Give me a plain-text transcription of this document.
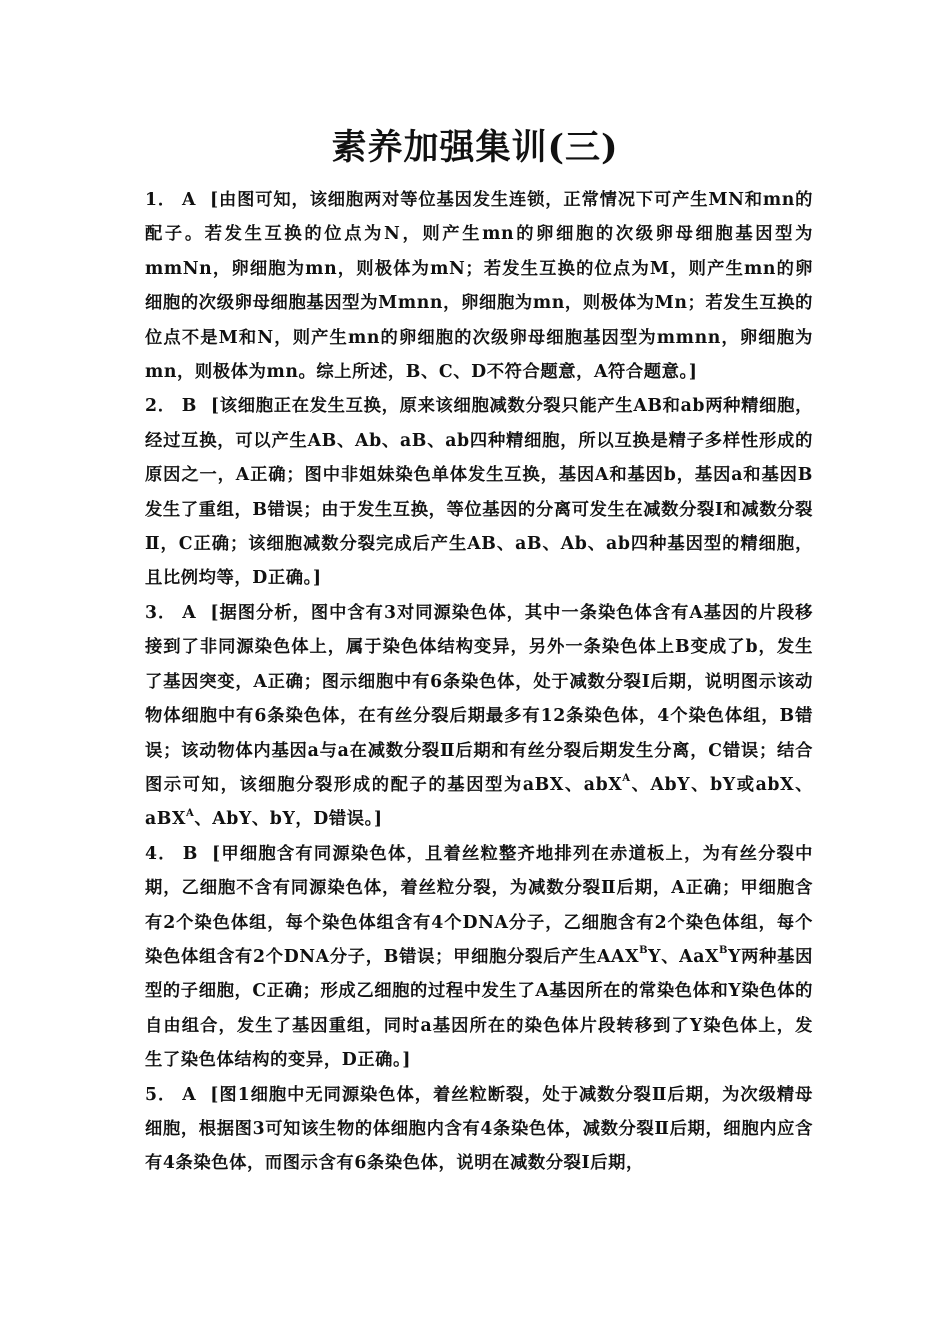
素养加强集训(三)

1． A [由图可知，该细胞两对等位基因发生连锁，正常情况下可产生MN和mn的配子。若发生互换的位点为N，则产生mn的卵细胞的次级卵母细胞基因型为mmNn，卵细胞为mn，则极体为mN；若发生互换的位点为M，则产生mn的卵细胞的次级卵母细胞基因型为Mmnn，卵细胞为mn，则极体为Mn；若发生互换的位点不是M和N，则产生mn的卵细胞的次级卵母细胞基因型为mmnn，卵细胞为mn，则极体为mn。综上所述，B、C、D不符合题意，A符合题意。]

2． B [该细胞正在发生互换，原来该细胞减数分裂只能产生AB和ab两种精细胞，经过互换，可以产生AB、Ab、aB、ab四种精细胞，所以互换是精子多样性形成的原因之一，A正确；图中非姐妹染色单体发生互换，基因A和基因b，基因a和基因B发生了重组，B错误；由于发生互换，等位基因的分离可发生在减数分裂Ⅰ和减数分裂Ⅱ，C正确；该细胞减数分裂完成后产生AB、aB、Ab、ab四种基因型的精细胞，且比例均等，D正确。]

3． A [据图分析，图中含有3对同源染色体，其中一条染色体含有A基因的片段移接到了非同源染色体上，属于染色体结构变异，另外一条染色体上B变成了b，发生了基因突变，A正确；图示细胞中有6条染色体，处于减数分裂Ⅰ后期，说明图示该动物体细胞中有6条染色体，在有丝分裂后期最多有12条染色体，4个染色体组，B错误；该动物体内基因a与a在减数分裂Ⅱ后期和有丝分裂后期发生分离，C错误；结合图示可知，该细胞分裂形成的配子的基因型为aBX、abX$^A$、AbY、bY或abX、aBX$^A$、AbY、bY，D错误。]

4． B [甲细胞含有同源染色体，且着丝粒整齐地排列在赤道板上，为有丝分裂中期，乙细胞不含有同源染色体，着丝粒分裂，为减数分裂Ⅱ后期，A正确；甲细胞含有2个染色体组，每个染色体组含有4个DNA分子，乙细胞含有2个染色体组，每个染色体组含有2个DNA分子，B错误；甲细胞分裂后产生$AAX^BY$、AaX$^B$Y两种基因型的子细胞，C正确；形成乙细胞的过程中发生了A基因所在的常染色体和Y染色体的自由组合，发生了基因重组，同时a基因所在的染色体片段转移到了Y染色体上，发生了染色体结构的变异，D正确。]

5． A [图1细胞中无同源染色体，着丝粒断裂，处于减数分裂Ⅱ后期，为次级精母细胞，根据图3可知该生物的体细胞内含有4条染色体，减数分裂Ⅱ后期，细胞内应含有4条染色体，而图示含有6条染色体，说明在减数分裂Ⅰ后期，
